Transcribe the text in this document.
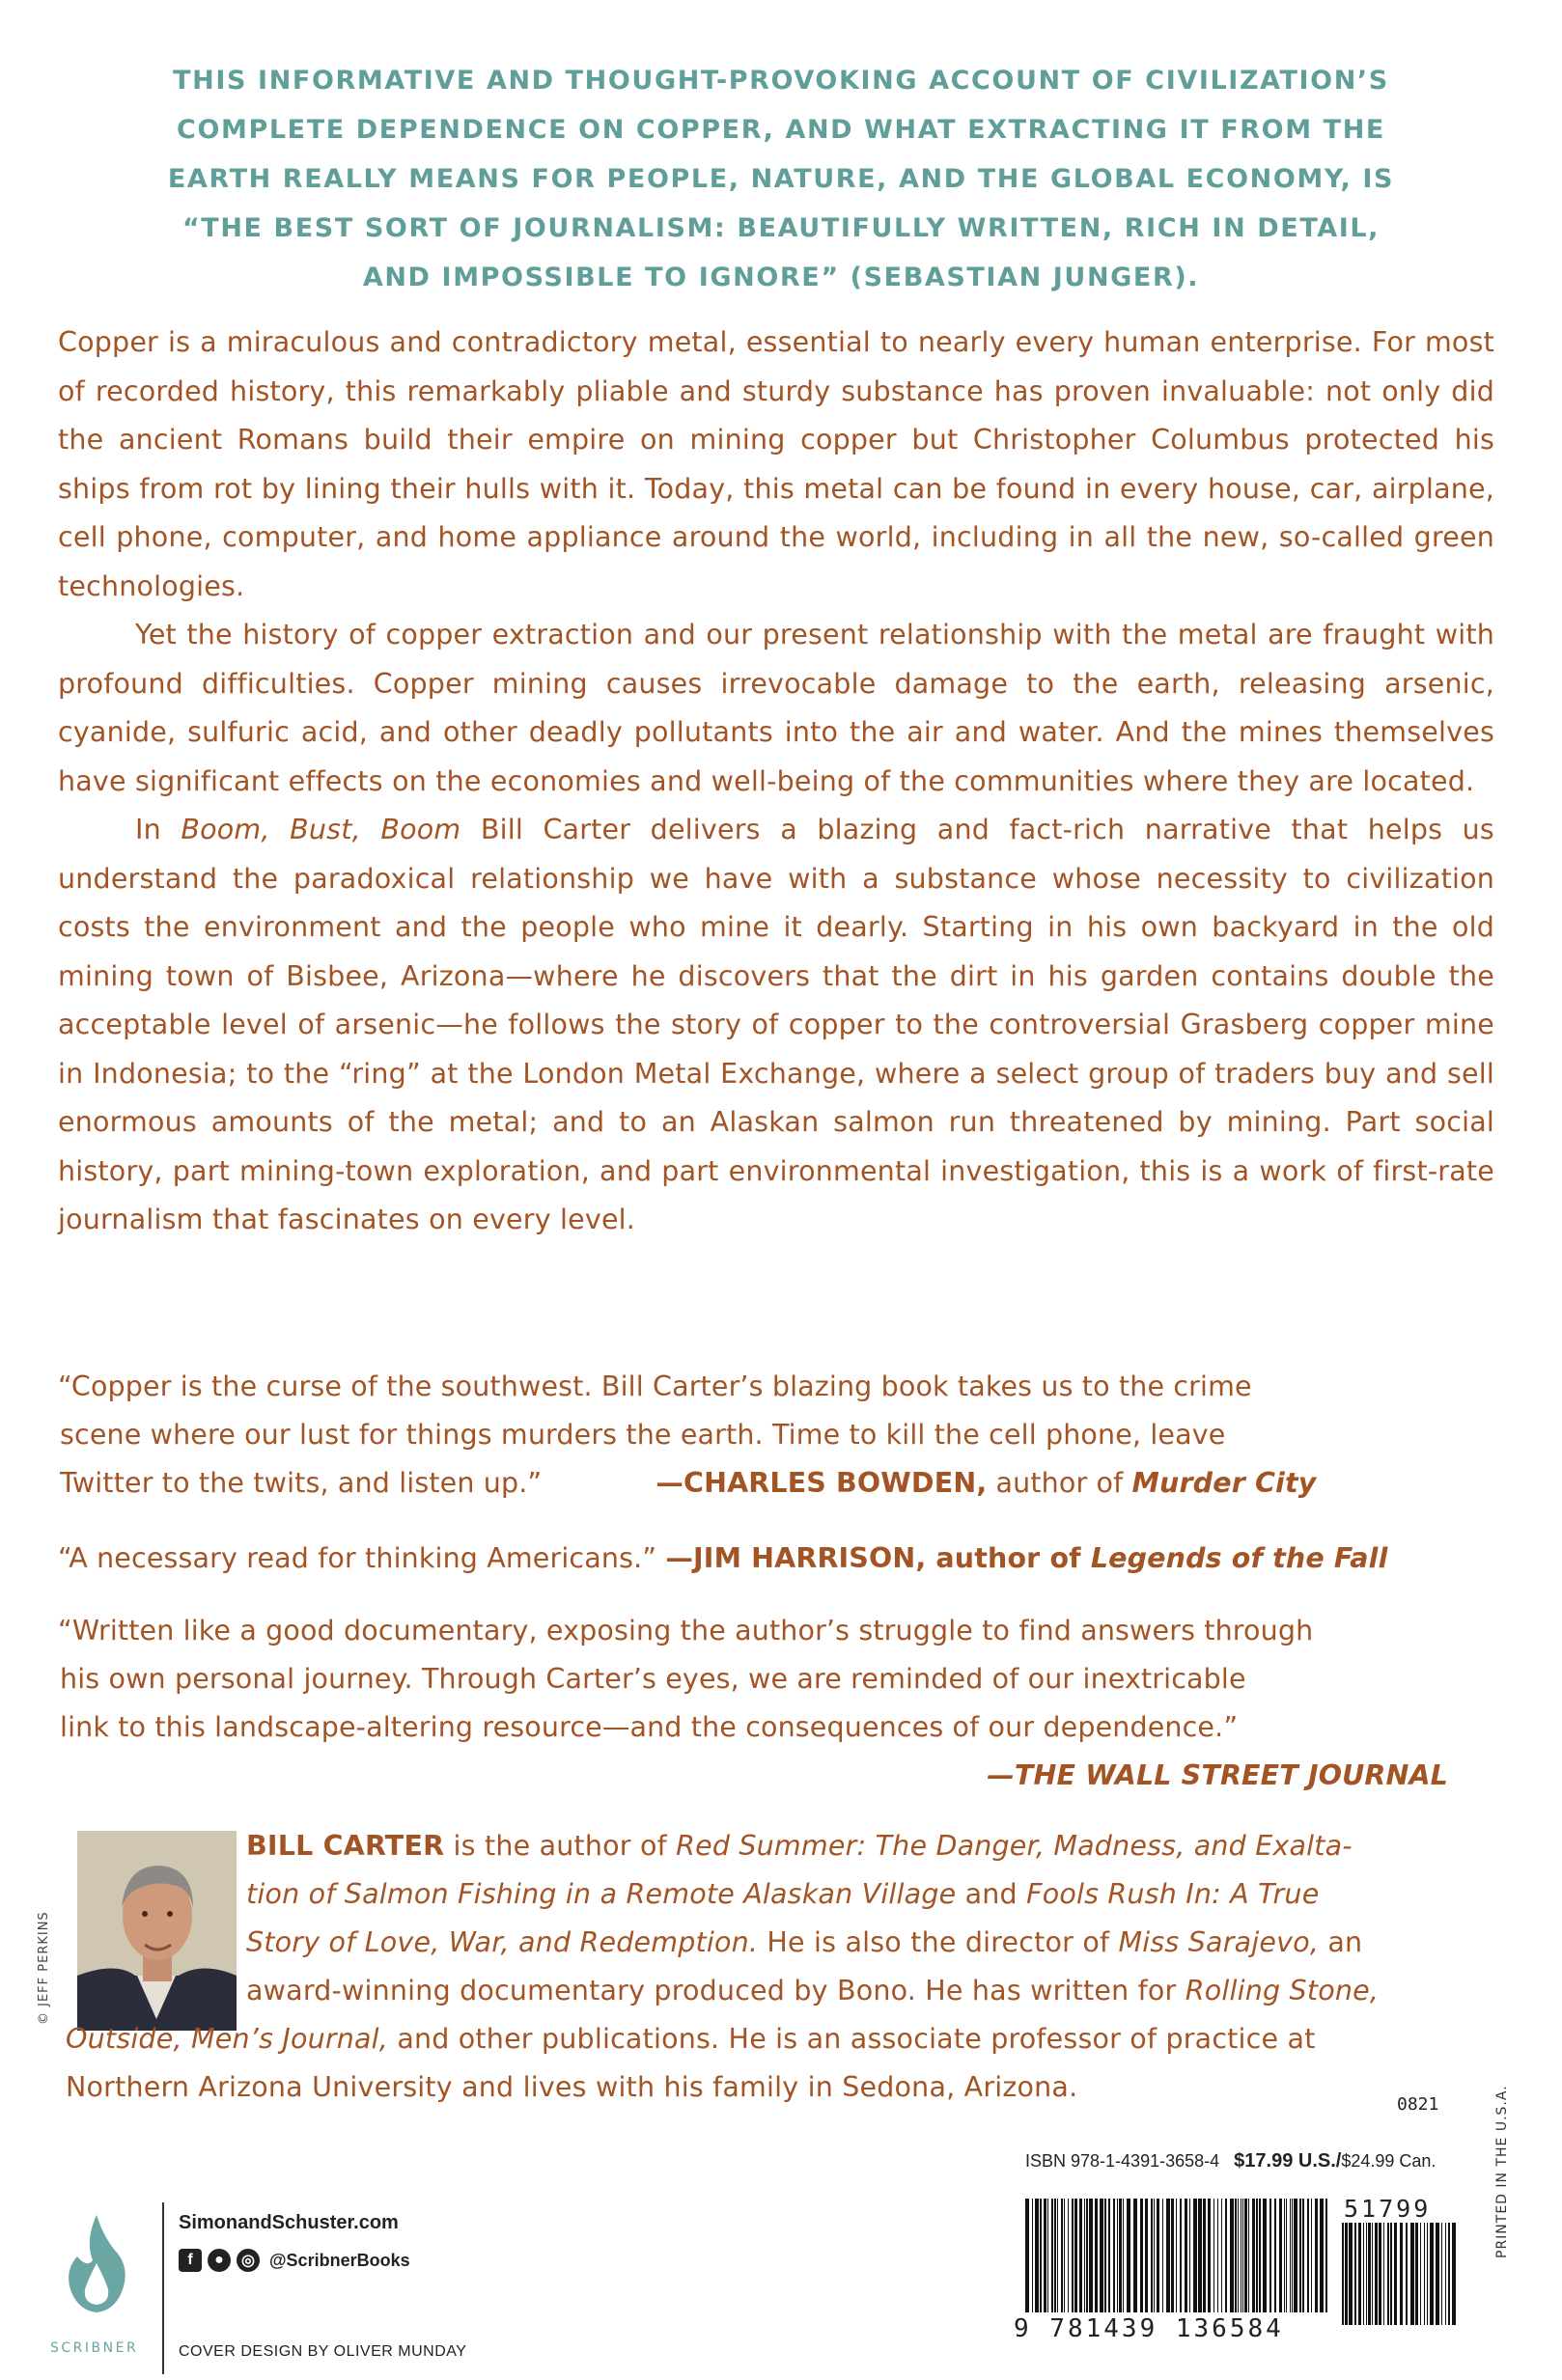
THIS INFORMATIVE AND THOUGHT-PROVOKING ACCOUNT OF CIVILIZATION’S
COMPLETE DEPENDENCE ON COPPER, AND WHAT EXTRACTING IT FROM THE
EARTH REALLY MEANS FOR PEOPLE, NATURE, AND THE GLOBAL ECONOMY, IS
“THE BEST SORT OF JOURNALISM: BEAUTIFULLY WRITTEN, RICH IN DETAIL,
AND IMPOSSIBLE TO IGNORE” (SEBASTIAN JUNGER).

Copper is a miraculous and contradictory metal, essential to nearly every human enterprise. For most of recorded history, this remarkably pliable and sturdy substance has proven invaluable: not only did the ancient Romans build their empire on mining copper but Christopher Columbus protected his ships from rot by lining their hulls with it. Today, this metal can be found in every house, car, airplane, cell phone, computer, and home appliance around the world, including in all the new, so-called green technologies.

Yet the history of copper extraction and our present relationship with the metal are fraught with profound difficulties. Copper mining causes irrevocable damage to the earth, releasing arsenic, cyanide, sulfuric acid, and other deadly pollutants into the air and water. And the mines themselves have significant effects on the economies and well-being of the communities where they are located.

In Boom, Bust, Boom Bill Carter delivers a blazing and fact-rich narrative that helps us understand the paradoxical relationship we have with a substance whose necessity to civilization costs the environment and the people who mine it dearly. Starting in his own backyard in the old mining town of Bisbee, Arizona—where he discovers that the dirt in his garden contains double the acceptable level of arsenic—he follows the story of copper to the controversial Grasberg copper mine in Indonesia; to the “ring” at the London Metal Exchange, where a select group of traders buy and sell enormous amounts of the metal; and to an Alaskan salmon run threatened by mining. Part social history, part mining-town exploration, and part environmental investigation, this is a work of first-rate journalism that fascinates on every level.

“Copper is the curse of the southwest. Bill Carter’s blazing book takes us to the crime
scene where our lust for things murders the earth. Time to kill the cell phone, leave
Twitter to the twits, and listen up.”	—CHARLES BOWDEN, author of Murder City
“A necessary read for thinking Americans.” —JIM HARRISON, author of Legends of the Fall
“Written like a good documentary, exposing the author’s struggle to find answers through
his own personal journey. Through Carter’s eyes, we are reminded of our inextricable
link to this landscape-altering resource—and the consequences of our dependence.”
—THE WALL STREET JOURNAL
© JEFF PERKINS
BILL CARTER is the author of Red Summer: The Danger, Madness, and Exalta-
tion of Salmon Fishing in a Remote Alaskan Village and Fools Rush In: A True
Story of Love, War, and Redemption. He is also the director of Miss Sarajevo, an
award-winning documentary produced by Bono. He has written for Rolling Stone,
Outside, Men’s Journal, and other publications. He is an associate professor of practice at
Northern Arizona University and lives with his family in Sedona, Arizona.
0821
ISBN 978-1-4391-3658-4 $17.99 U.S./$24.99 Can.
9 781439 136584
51799	PRINTED IN THE U.S.A.
SCRIBNER
SimonandSchuster.com
f	●	◎ @ScribnerBooks
COVER DESIGN BY OLIVER MUNDAY
